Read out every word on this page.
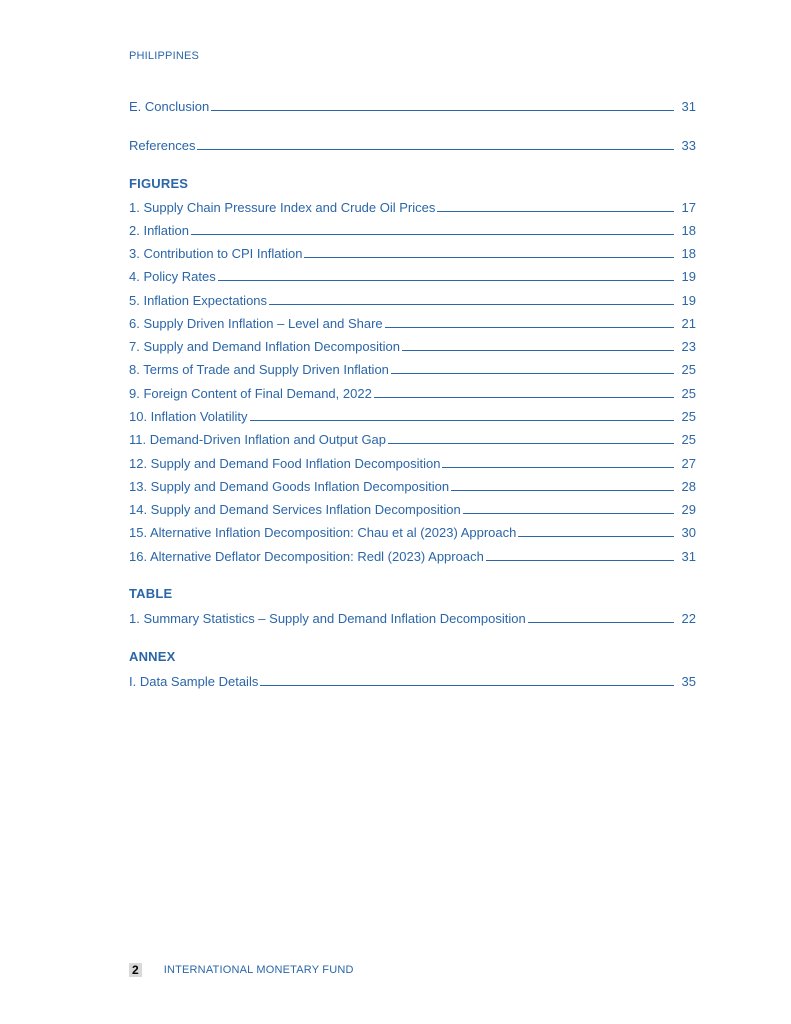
PHILIPPINES
E. Conclusion	31
References	33
FIGURES
1. Supply Chain Pressure Index and Crude Oil Prices	17
2. Inflation	18
3. Contribution to CPI Inflation	18
4. Policy Rates	19
5. Inflation Expectations	19
6. Supply Driven Inflation – Level and Share	21
7. Supply and Demand Inflation Decomposition	23
8. Terms of Trade and Supply Driven Inflation	25
9. Foreign Content of Final Demand, 2022	25
10. Inflation Volatility	25
11. Demand-Driven Inflation and Output Gap	25
12. Supply and Demand Food Inflation Decomposition	27
13. Supply and Demand Goods Inflation Decomposition	28
14. Supply and Demand Services Inflation Decomposition	29
15. Alternative Inflation Decomposition: Chau et al (2023) Approach	30
16. Alternative Deflator Decomposition: Redl (2023) Approach	31
TABLE
1. Summary Statistics – Supply and Demand Inflation Decomposition	22
ANNEX
I. Data Sample Details	35
2 INTERNATIONAL MONETARY FUND
